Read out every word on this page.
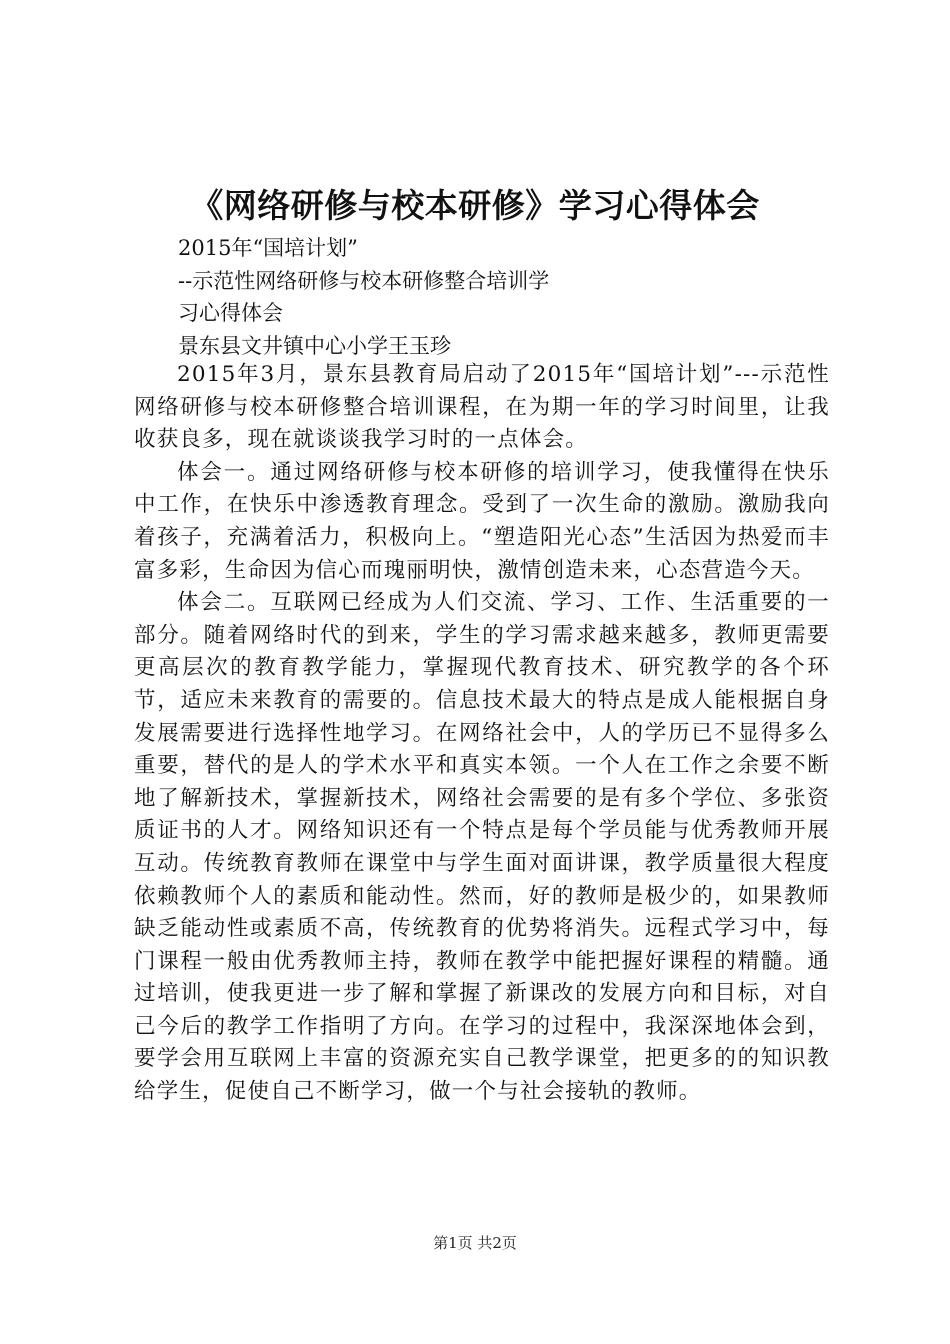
《网络研修与校本研修》学习心得体会
2015年“国培计划”
--示范性网络研修与校本研修整合培训学
习心得体会
景东县文井镇中心小学王玉珍

2015年3月，景东县教育局启动了2015年“国培计划”---示范性网络研修与校本研修整合培训课程，在为期一年的学习时间里，让我收获良多，现在就谈谈我学习时的一点体会。

体会一。通过网络研修与校本研修的培训学习，使我懂得在快乐中工作，在快乐中渗透教育理念。受到了一次生命的激励。激励我向着孩子，充满着活力，积极向上。“塑造阳光心态”生活因为热爱而丰富多彩，生命因为信心而瑰丽明快，激情创造未来，心态营造今天。

体会二。互联网已经成为人们交流、学习、工作、生活重要的一部分。随着网络时代的到来，学生的学习需求越来越多，教师更需要更高层次的教育教学能力，掌握现代教育技术、研究教学的各个环节，适应未来教育的需要的。信息技术最大的特点是成人能根据自身发展需要进行选择性地学习。在网络社会中，人的学历已不显得多么重要，替代的是人的学术水平和真实本领。一个人在工作之余要不断地了解新技术，掌握新技术，网络社会需要的是有多个学位、多张资质证书的人才。网络知识还有一个特点是每个学员能与优秀教师开展互动。传统教育教师在课堂中与学生面对面讲课，教学质量很大程度依赖教师个人的素质和能动性。然而，好的教师是极少的，如果教师缺乏能动性或素质不高，传统教育的优势将消失。远程式学习中，每门课程一般由优秀教师主持，教师在教学中能把握好课程的精髓。通过培训，使我更进一步了解和掌握了新课改的发展方向和目标，对自己今后的教学工作指明了方向。在学习的过程中，我深深地体会到，要学会用互联网上丰富的资源充实自己教学课堂，把更多的的知识教给学生，促使自己不断学习，做一个与社会接轨的教师。

第1页 共2页
